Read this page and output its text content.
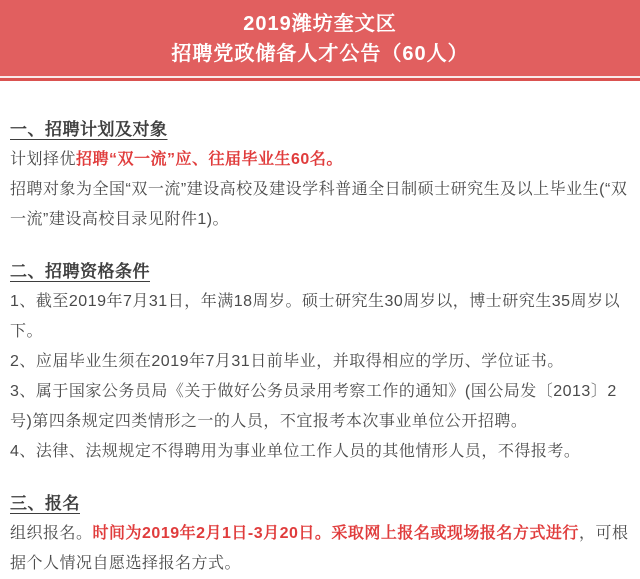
2019潍坊奎文区
招聘党政储备人才公告（60人）
一、招聘计划及对象

计划择优招聘“双一流”应、往届毕业生60名。

招聘对象为全国“双一流”建设高校及建设学科普通全日制硕士研究生及以上毕业生(“双一流”建设高校目录见附件1)。

二、招聘资格条件

1、截至2019年7月31日，年满18周岁。硕士研究生30周岁以，博士研究生35周岁以下。

2、应届毕业生须在2019年7月31日前毕业，并取得相应的学历、学位证书。

3、属于国家公务员局《关于做好公务员录用考察工作的通知》(国公局发〔2013〕2号)第四条规定四类情形之一的人员，不宜报考本次事业单位公开招聘。

4、法律、法规规定不得聘用为事业单位工作人员的其他情形人员，不得报考。

三、报名

组织报名。时间为2019年2月1日-3月20日。采取网上报名或现场报名方式进行，可根据个人情况自愿选择报名方式。
